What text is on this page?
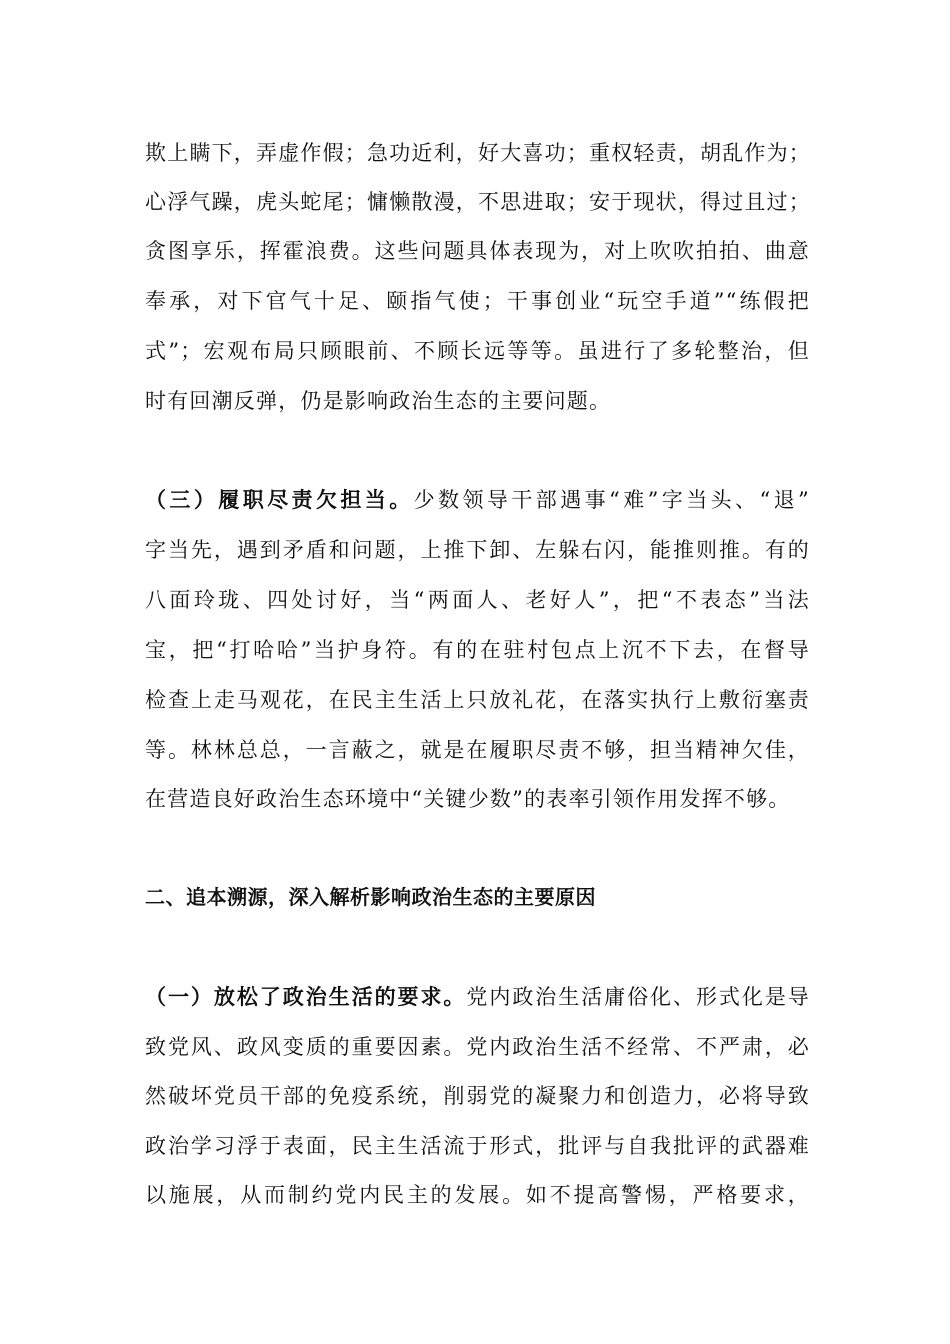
欺上瞒下，弄虚作假；急功近利，好大喜功；重权轻责，胡乱作为；

心浮气躁，虎头蛇尾；慵懒散漫，不思进取；安于现状，得过且过；

贪图享乐，挥霍浪费。这些问题具体表现为，对上吹吹拍拍、曲意

奉承，对下官气十足、颐指气使；干事创业“玩空手道”“练假把

式”；宏观布局只顾眼前、不顾长远等等。虽进行了多轮整治，但

时有回潮反弹，仍是影响政治生态的主要问题。

（三）履职尽责欠担当。少数领导干部遇事“难”字当头、“退”

字当先，遇到矛盾和问题，上推下卸、左躲右闪，能推则推。有的

八面玲珑、四处讨好，当“两面人、老好人”，把“不表态”当法

宝，把“打哈哈”当护身符。有的在驻村包点上沉不下去，在督导

检查上走马观花，在民主生活上只放礼花，在落实执行上敷衍塞责

等。林林总总，一言蔽之，就是在履职尽责不够，担当精神欠佳，

在营造良好政治生态环境中“关键少数”的表率引领作用发挥不够。

二、追本溯源，深入解析影响政治生态的主要原因

（一）放松了政治生活的要求。党内政治生活庸俗化、形式化是导

致党风、政风变质的重要因素。党内政治生活不经常、不严肃，必

然破坏党员干部的免疫系统，削弱党的凝聚力和创造力，必将导致

政治学习浮于表面，民主生活流于形式，批评与自我批评的武器难

以施展，从而制约党内民主的发展。如不提高警惕，严格要求，
